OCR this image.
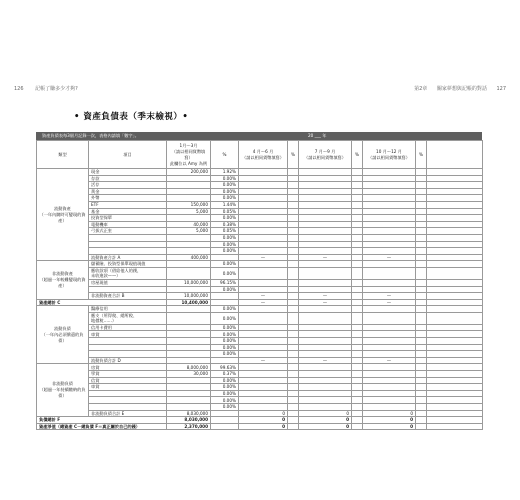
126 記帳了賺多少才夠?	第2章 關家夢想與記帳的對話 127
• 資產負債表（季末檢視）•
資產負債表每3個月記錄一次，表格內請填「數字」。	20 ___ 年
類型	項目	1月～3月
（請以相同貨幣填寫）
此欄位以 Amy 為例	%	4 月～6 月
（請以相同貨幣填寫）	%	7 月～9 月
（請以相同貨幣填寫）	%	10 月～12 月
（請以相同貨幣填寫）	%	
流動資產
（一年內隨時可變現的資產）	現金	200,000	1.92%							
	存款		0.00%							
	活存		0.00%							
	黃金		0.00%							
	外幣		0.00%							
	ETF	150,000	1.44%							
	基金	5,000	0.05%							
	投資型保單		0.00%							
	電動機車	40,000	0.38%							
	弓拔式正室	5,000	0.05%							
			0.00%							
			0.00%							
			0.00%							
	流動資產合計 A	400,000		—		—		—		
非流動資產
（超過一年較難變現的資產）	儲蓄險、投資型保單現值現值		0.00%							
	應收款項（借給他人的錢，
未收進款——）		0.00%							
	房屋現值	10,000,000	96.15%							
			0.00%							
	非流動資產合計 B	10,000,000		—		—		—		
資產總計 C		10,400,000		—		—		—		
流動負債
（一年內必須償還的負債）	醫療信用		0.00%							
	應支（所得稅、總所稅、
地價稅……）		0.00%							
	信用卡費用		0.00%							
	車貸		0.00%							
			0.00%							
			0.00%							
			0.00%							
	流動負債合計 D			—		—		—		
非流動負債
（超過一年持續繳納的負債）	房貸	8,000,000	99.63%							
	學貸	30,000	0.37%							
	信貸		0.00%							
	車貸		0.00%							
			0.00%							
			0.00%							
			0.00%							
	非流動負債合計 E	8,030,000		0		0		0		
負債總計 F		8,030,000		0		0		0		
資產淨值（總資產 C－總負債 F＝真正屬於自己的錢）		2,370,000		0		0		0		
